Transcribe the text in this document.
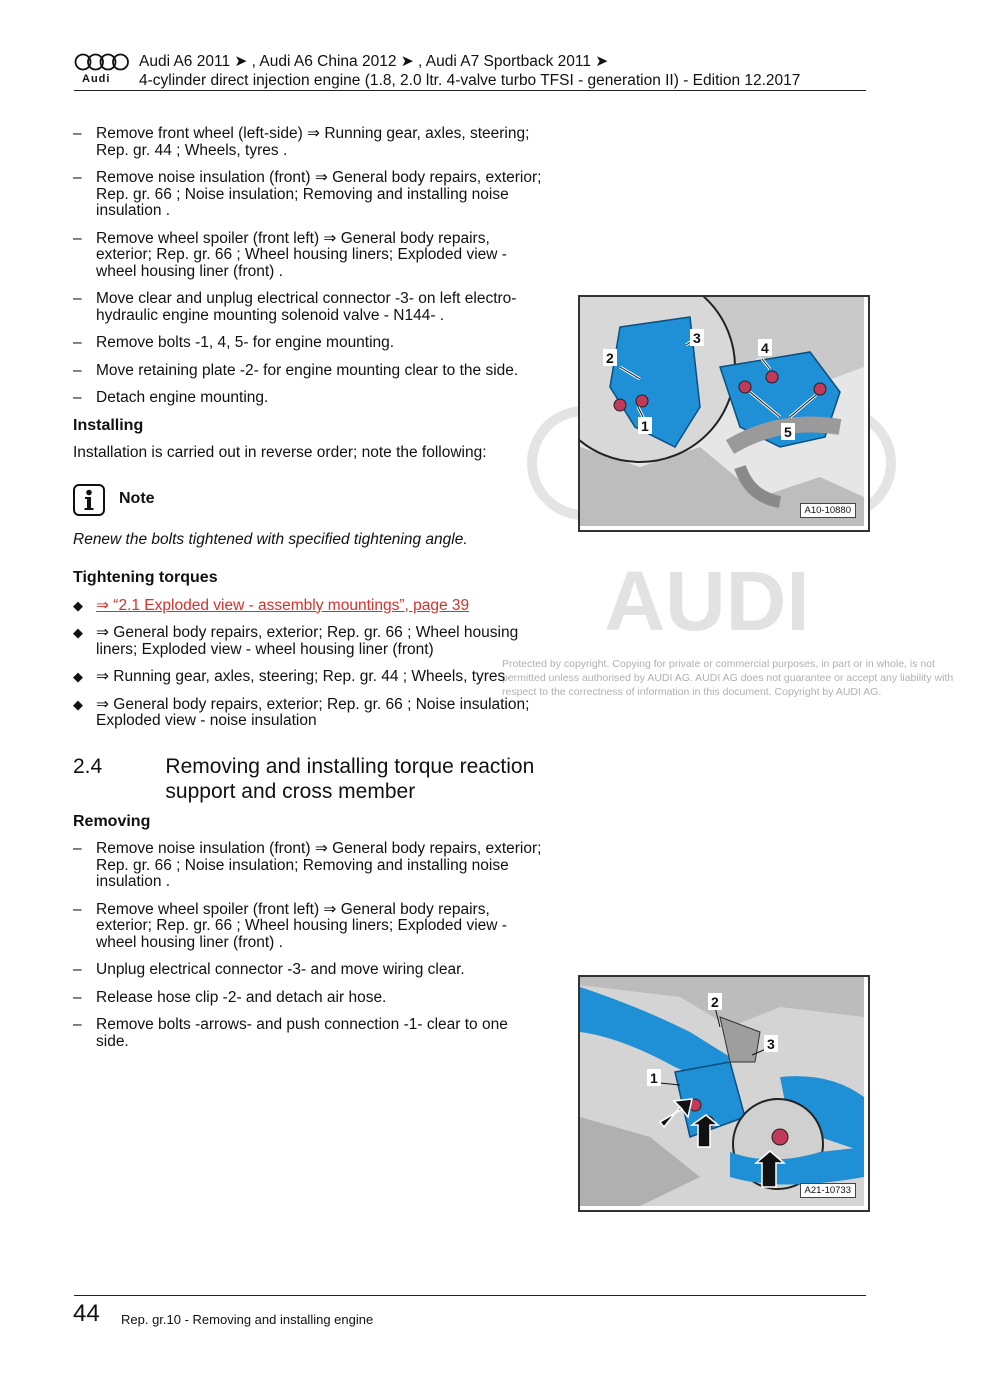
AUDI
Protected by copyright. Copying for private or commercial purposes, in part or in whole, is not permitted unless authorised by AUDI AG. AUDI AG does not guarantee or accept any liability with respect to the correctness of information in this document. Copyright by AUDI AG.
Audi
Audi A6 2011 ➤ , Audi A6 China 2012 ➤ , Audi A7 Sportback 2011 ➤
4-cylinder direct injection engine (1.8, 2.0 ltr. 4-valve turbo TFSI - generation II) - Edition 12.2017
– Remove front wheel (left-side) ⇒ Running gear, axles, steering; Rep. gr. 44 ; Wheels, tyres .
– Remove noise insulation (front) ⇒ General body repairs, exterior; Rep. gr. 66 ; Noise insulation; Removing and installing noise insulation .
– Remove wheel spoiler (front left) ⇒ General body repairs, exterior; Rep. gr. 66 ; Wheel housing liners; Exploded view - wheel housing liner (front) .
– Move clear and unplug electrical connector -3- on left electro-hydraulic engine mounting solenoid valve - N144- .
– Remove bolts -1, 4, 5- for engine mounting.
– Move retaining plate -2- for engine mounting clear to the side.
– Detach engine mounting.
Installing
Installation is carried out in reverse order; note the following:
Note
Renew the bolts tightened with specified tightening angle.
Tightening torques
◆ ⇒ “2.1 Exploded view - assembly mountings”, page 39
◆ ⇒ General body repairs, exterior; Rep. gr. 66 ; Wheel housing liners; Exploded view - wheel housing liner (front)
◆ ⇒ Running gear, axles, steering; Rep. gr. 44 ; Wheels, tyres
◆ ⇒ General body repairs, exterior; Rep. gr. 66 ; Noise insulation; Exploded view - noise insulation
2.4	Removing and installing torque reaction support and cross member
Removing
– Remove noise insulation (front) ⇒ General body repairs, exterior; Rep. gr. 66 ; Noise insulation; Removing and installing noise insulation .
– Remove wheel spoiler (front left) ⇒ General body repairs, exterior; Rep. gr. 66 ; Wheel housing liners; Exploded view - wheel housing liner (front) .
– Unplug electrical connector -3- and move wiring clear.
– Release hose clip -2- and detach air hose.
– Remove bolts -arrows- and push connection -1- clear to one side.
1
2
3
4
5
A10-10880
1
2
3
A21-10733
44 Rep. gr.10 - Removing and installing engine
